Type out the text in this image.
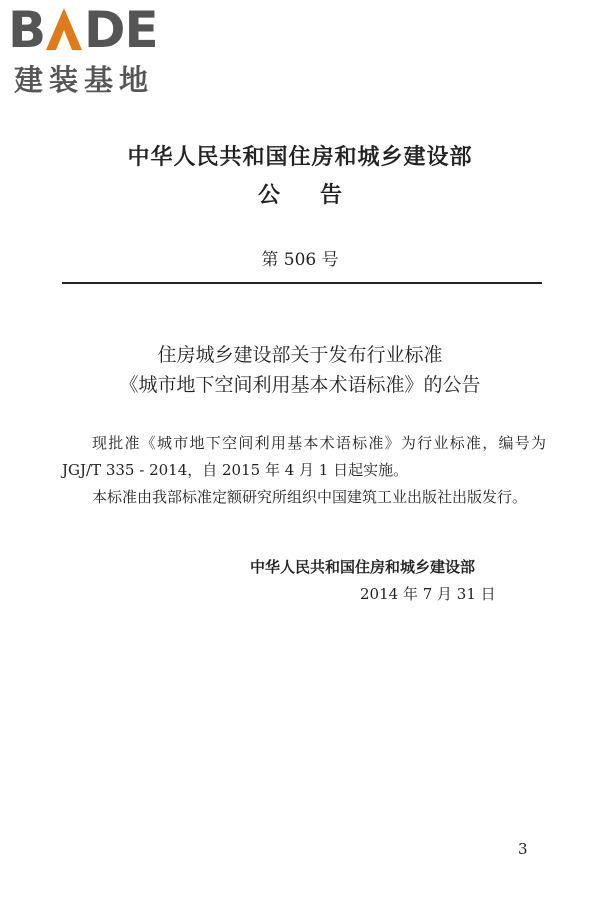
B DE
建装基地
中华人民共和国住房和城乡建设部
公告
第 506 号
住房城乡建设部关于发布行业标准
《城市地下空间利用基本术语标准》的公告
现批准《城市地下空间利用基本术语标准》为行业标准，编号为 JGJ/T 335 - 2014，自 2015 年 4 月 1 日起实施。
本标准由我部标准定额研究所组织中国建筑工业出版社出版发行。
中华人民共和国住房和城乡建设部
2014 年 7 月 31 日
3
